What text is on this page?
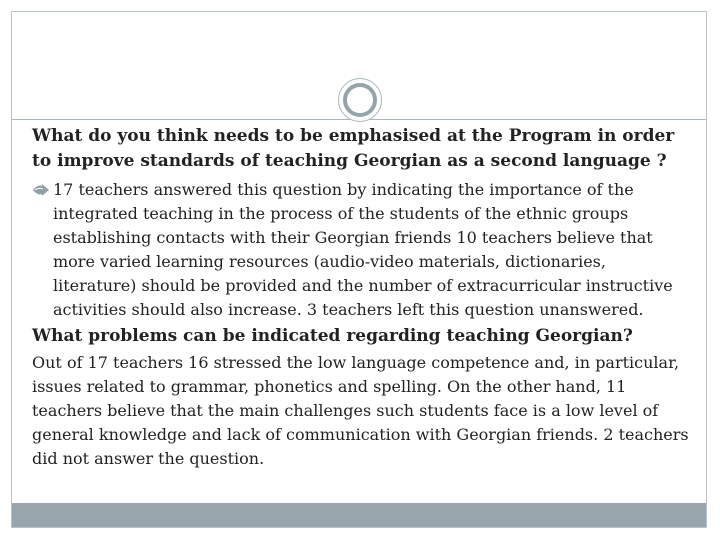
What do you think needs to be emphasised at the Program in order to improve standards of teaching Georgian as a second language ?

17 teachers answered this question by indicating the importance of the integrated teaching in the process of the students of the ethnic groups establishing contacts with their Georgian friends 10 teachers believe that more varied learning resources (audio-video materials, dictionaries, literature) should be provided and the number of extracurricular instructive activities should also increase. 3 teachers left this question unanswered.

What problems can be indicated regarding teaching Georgian?

Out of 17 teachers 16 stressed the low language competence and, in particular, issues related to grammar, phonetics and spelling. On the other hand, 11 teachers believe that the main challenges such students face is a low level of general knowledge and lack of communication with Georgian friends. 2 teachers did not answer the question.
